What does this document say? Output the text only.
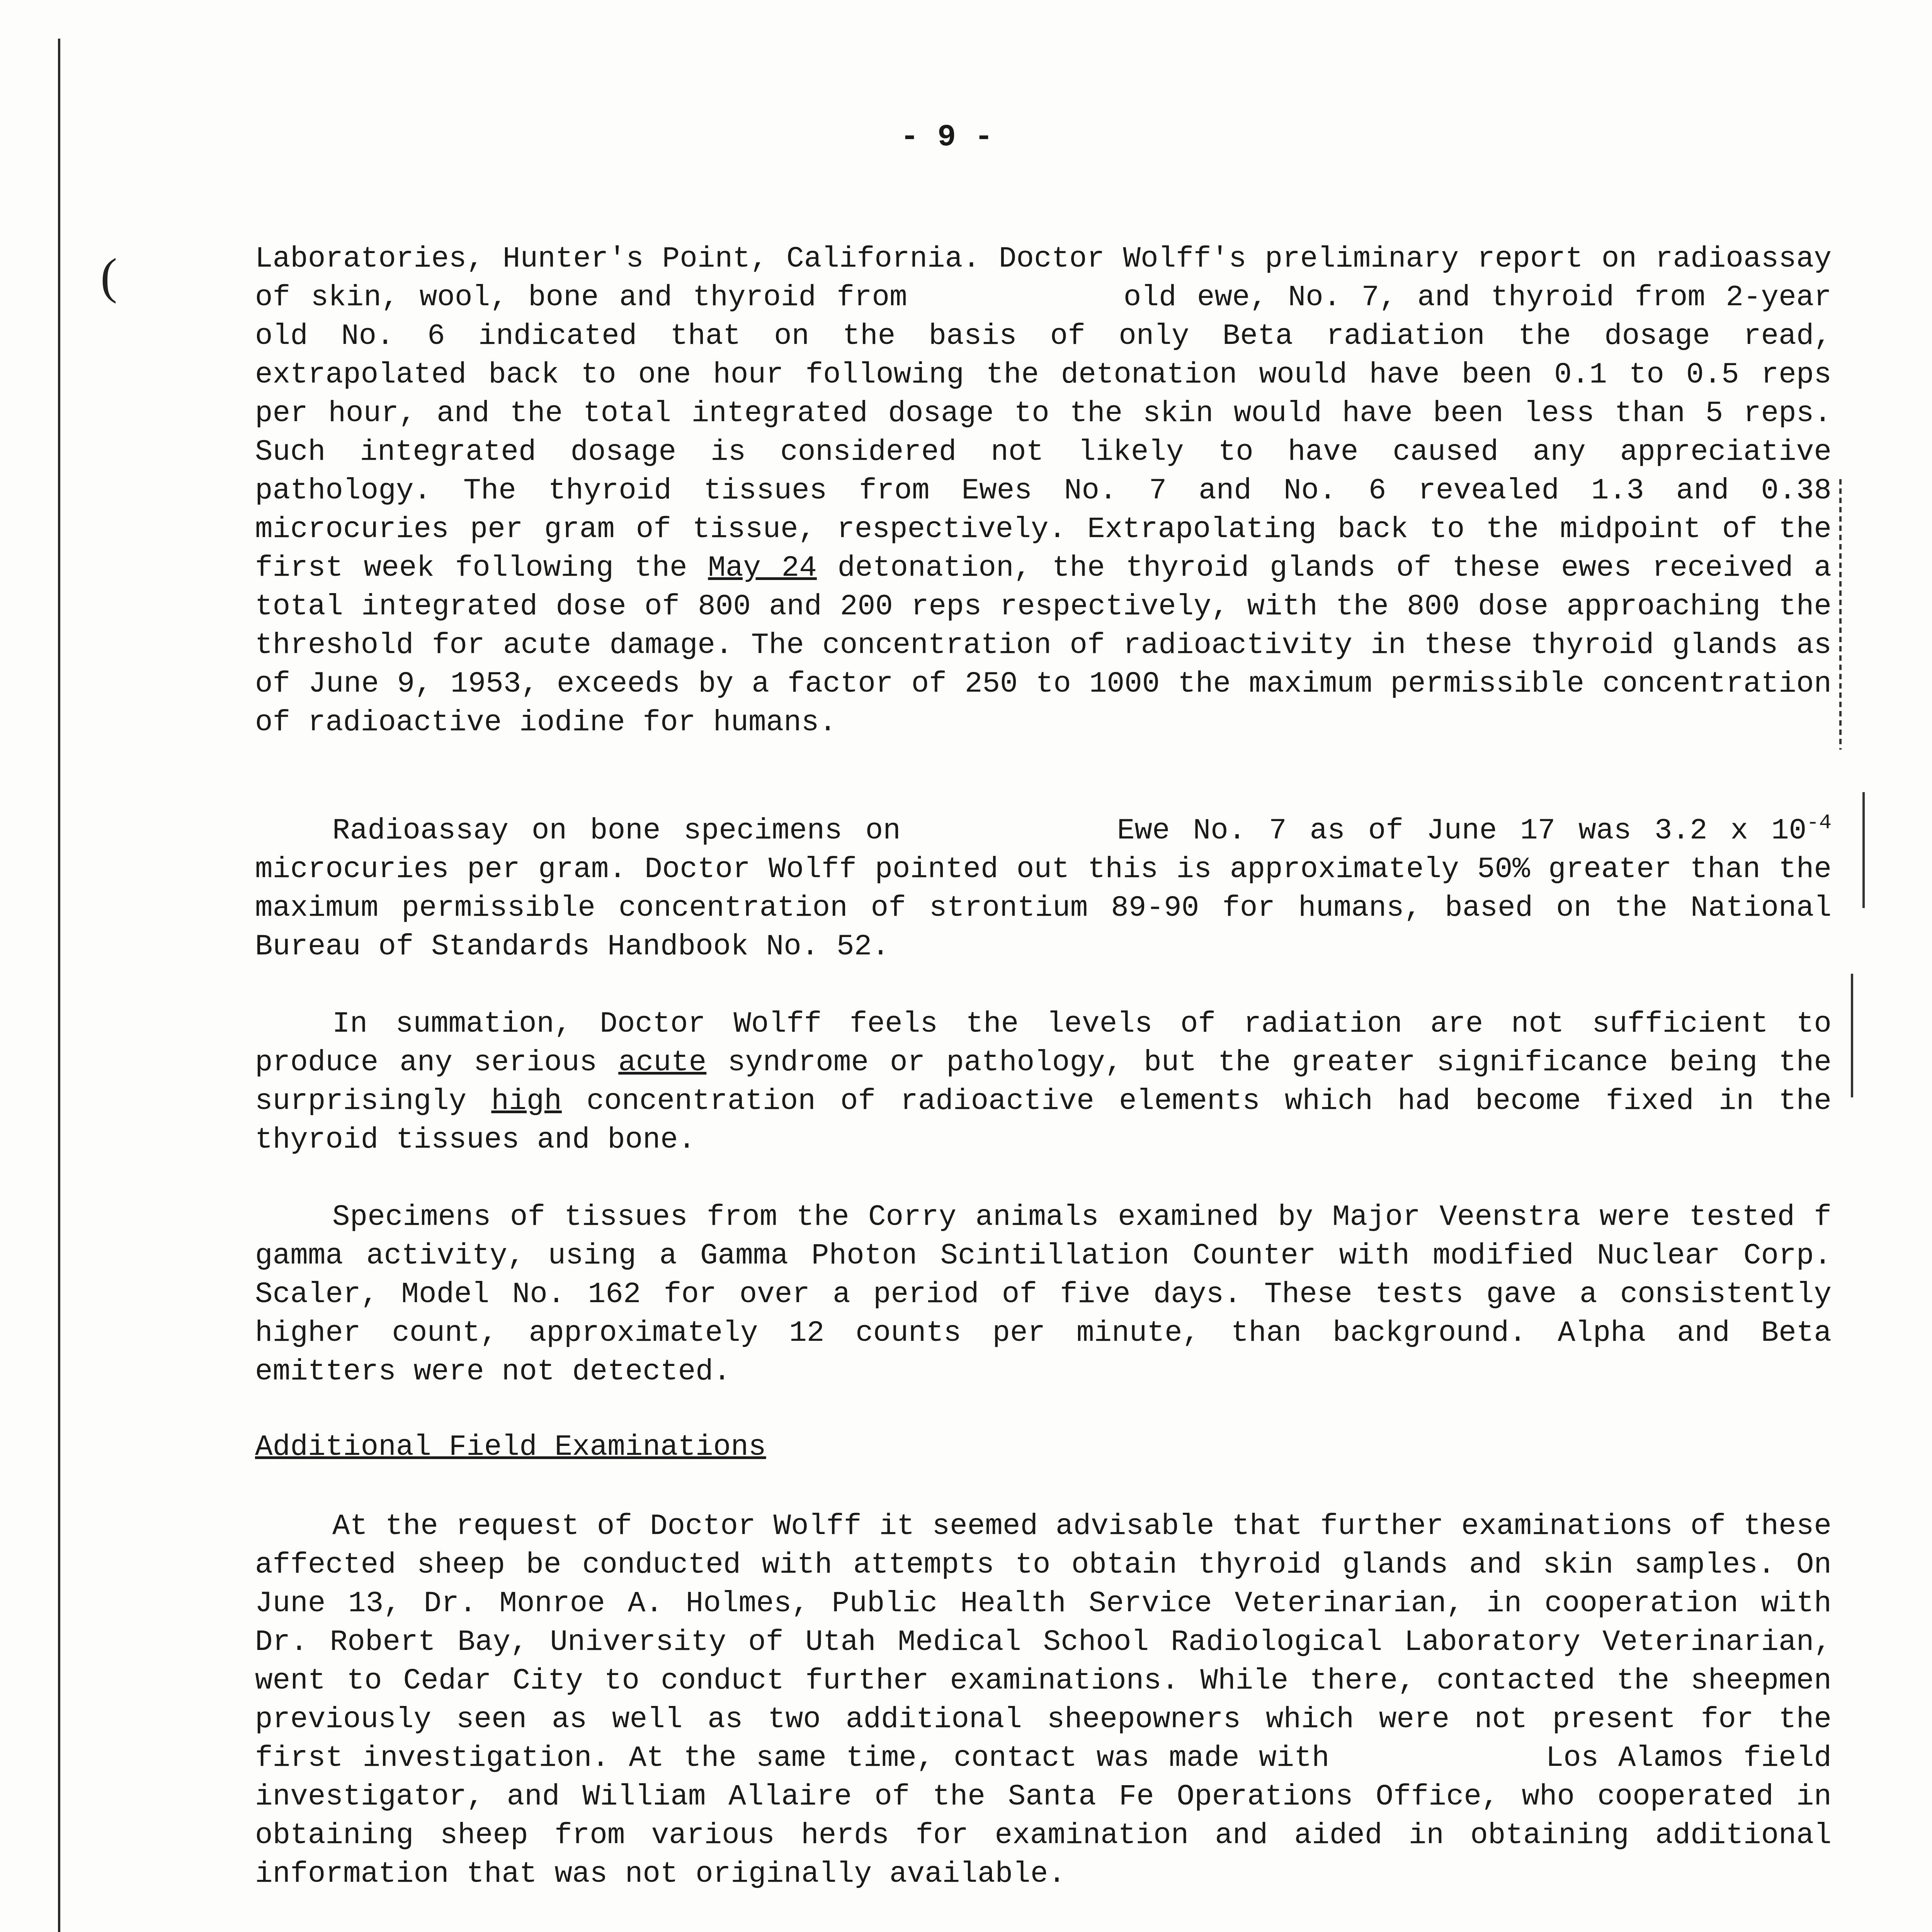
- 9 -
(	Laboratories, Hunter's Point, California. Doctor Wolff's preliminary report on radioassay of skin, wool, bone and thyroid from	old ewe, No. 7, and thyroid from 2-year old No. 6 indicated that on the basis of only Beta radiation the dosage read, extrapolated back to one hour following the detonation would have been 0.1 to 0.5 reps per hour, and the total integrated dosage to the skin would have been less than 5 reps. Such integrated dosage is considered not likely to have caused any appreciative pathology. The thyroid tissues from Ewes No. 7 and No. 6 revealed 1.3 and 0.38 microcuries per gram of tissue, respectively. Extrapolating back to the midpoint of the first week following the May 24 detonation, the thyroid glands of these ewes received a total integrated dose of 800 and 200 reps respectively, with the 800 dose approaching the threshold for acute damage. The concentration of radioactivity in these thyroid glands as of June 9, 1953, exceeds by a factor of 250 to 1000 the maximum permissible concentration of radioactive iodine for humans.

Radioassay on bone specimens on	Ewe No. 7 as of June 17 was 3.2 x $10^{-4}$ microcuries per gram. Doctor Wolff pointed out this is approximately 50% greater than the maximum permissible concentration of strontium 89-90 for humans, based on the National Bureau of Standards Handbook No. 52.

In summation, Doctor Wolff feels the levels of radiation are not sufficient to produce any serious acute syndrome or pathology, but the greater significance being the surprisingly high concentration of radioactive elements which had become fixed in the thyroid tissues and bone.

Specimens of tissues from the Corry animals examined by Major Veenstra were tested f gamma activity, using a Gamma Photon Scintillation Counter with modified Nuclear Corp. Scaler, Model No. 162 for over a period of five days. These tests gave a consistently higher count, approximately 12 counts per minute, than background. Alpha and Beta emitters were not detected.

Additional Field Examinations

At the request of Doctor Wolff it seemed advisable that further examinations of these affected sheep be conducted with attempts to obtain thyroid glands and skin samples. On June 13, Dr. Monroe A. Holmes, Public Health Service Veterinarian, in cooperation with Dr. Robert Bay, University of Utah Medical School Radiological Laboratory Veterinarian, went to Cedar City to conduct further examinations. While there, contacted the sheepmen previously seen as well as two additional sheepowners which were not present for the first investigation. At the same time, contact was made with	Los Alamos field investigator, and William Allaire of the Santa Fe Operations Office, who cooperated in obtaining sheep from various herds for examination and aided in obtaining additional information that was not originally available.
